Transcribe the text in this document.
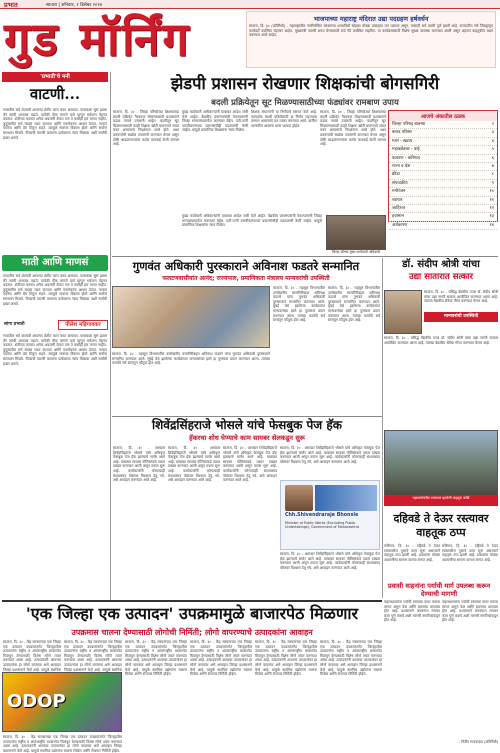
प्रभात	सातारा | शनिवार, १ डिसेंबर २०२४
गुड मॉर्निंग	भाजपाच्या महाराष्ट्र मंदिरात उद्या पदग्रहण हर्षवर्धन
सातारा, दि. ३० (प्रतिनिधी) - महाराष्ट्रातील नवनिर्वाचित सरकारचा शपथविधी सोहळा मोठ्या उत्साहात पार पडणार असून, यासाठी सर्व तयारी पूर्ण झाली आहे. राज्यातील सर्व जिल्ह्यांतून कार्यकर्ते उपस्थित राहणार आहेत. मुख्यमंत्री पदाची शपथ घेण्यासाठी सर्व नेते उपस्थित राहतील. या कार्यक्रमासाठी विशेष सुरक्षा व्यवस्था करण्यात आली असून शहरात वाहतुकीत बदल करण्यात आले आहेत.
'प्रभाती'चे मनी
वाटणी...
गावातील सर्व शेतकरी आपल्या शेतीत काम करत असतात. पावसाळा सुरू झाला की त्यांची धावपळ वाढते. यावेळी पीक चांगले यावे म्हणून सर्वजण मेहनत करतात. शेतीच्या कामात अनेक अडचणी येतात पण ते कधीही हार मानत नाहीत. कुटुंबातील सर्व सदस्य मदत करतात आणि एकमेकांना आधार देतात. गावात एकोपा आणि प्रेम टिकून राहते. त्यामुळे गावाचा विकास होतो आणि सर्वांना समाधान मिळते. पिकाची वाटणी करताना प्रत्येकाला न्याय मिळावा अशी सर्वांची इच्छा असते.
माती आणि माणसं
गावातील सर्व शेतकरी आपल्या शेतीत काम करत असतात. पावसाळा सुरू झाला की त्यांची धावपळ वाढते. यावेळी पीक चांगले यावे म्हणून सर्वजण मेहनत करतात. शेतीच्या कामात अनेक अडचणी येतात पण ते कधीही हार मानत नाहीत. कुटुंबातील सर्व सदस्य मदत करतात आणि एकमेकांना आधार देतात. गावात एकोपा आणि प्रेम टिकून राहते. त्यामुळे गावाचा विकास होतो आणि सर्वांना समाधान मिळते. पिकाची वाटणी करताना प्रत्येकाला न्याय मिळावा अशी सर्वांची इच्छा असते.
सांगा प्रभाती	नीलेश महिगावकर
गावातील सर्व शेतकरी आपल्या शेतीत काम करत असतात. पावसाळा सुरू झाला की त्यांची धावपळ वाढते. यावेळी पीक चांगले यावे म्हणून सर्वजण मेहनत करतात. शेतीच्या कामात अनेक अडचणी येतात पण ते कधीही हार मानत नाहीत. कुटुंबातील सर्व सदस्य मदत करतात आणि एकमेकांना आधार देतात. गावात एकोपा आणि प्रेम टिकून राहते. त्यामुळे गावाचा विकास होतो आणि सर्वांना समाधान मिळते. पिकाची वाटणी करताना प्रत्येकाला न्याय मिळावा अशी सर्वांची इच्छा असते.
झेडपी प्रशासन रोखणार शिक्षकांची बोगसगिरी
बदली प्रक्रियेतून सूट मिळण्यासाठीच्या फंड्यांवर रामबाण उपाय
सातारा, दि. ३० - जिल्हा परिषदेच्या शिक्षकांच्या बदली प्रक्रियेत गैरप्रकार रोखण्यासाठी प्रशासनाने कडक पावले उचलली आहेत. बदलीतून सूट मिळवण्यासाठी काही शिक्षक खोटी प्रमाणपत्रे सादर करत असल्याचे निदर्शनास आले होते. अशा प्रकरणांची सखोल तपासणी करण्यात येणार असून दोषी आढळणाऱ्यांवर कठोर कारवाई केली जाणार आहे.
मुख्य कार्यकारी अधिकाऱ्यांनी याबाबत आदेश जारी केले आहेत. वैद्यकीय प्रमाणपत्रांची फेरतपासणी जिल्हा रुग्णालयामार्फत करण्यात येईल. पती-पत्नी एकत्रीकरणाच्या प्रकरणांचीही पडताळणी केली जाईल. यामुळे प्रामाणिक शिक्षकांना न्याय मिळेल.
शिक्षक संघटनांनी या निर्णयाचे स्वागत केले आहे. पारदर्शक बदली प्रक्रियेसाठी हा निर्णय महत्त्वाचा ठरणार असल्याचे मत व्यक्त करण्यात आले. ग्रामीण भागातील शाळांना याचा फायदा होईल.
सातारा, दि. ३० - जिल्हा परिषदेच्या शिक्षकांच्या बदली प्रक्रियेत गैरप्रकार रोखण्यासाठी प्रशासनाने कडक पावले उचलली आहेत. बदलीतून सूट मिळवण्यासाठी काही शिक्षक खोटी प्रमाणपत्रे सादर करत असल्याचे निदर्शनास आले होते. अशा प्रकरणांची सखोल तपासणी करण्यात येणार असून दोषी आढळणाऱ्यांवर कठोर कारवाई केली जाणार आहे.
मुख्य कार्यकारी अधिकाऱ्यांनी याबाबत आदेश जारी केले आहेत. वैद्यकीय प्रमाणपत्रांची फेरतपासणी जिल्हा रुग्णालयामार्फत करण्यात येईल. पती-पत्नी एकत्रीकरणाच्या प्रकरणांचीही पडताळणी केली जाईल. यामुळे प्रामाणिक शिक्षकांना न्याय मिळेल.
जिल्हा परिषद मुख्य कार्यकारी अधिकारी
आजचे अंकातील ठळक
जिल्हा परिषद बातम्या	२
कराड परिसर	३
माण - खटाव	४
महाबळेश्वर - वाई	५
फलटण - कोरेगाव	६
राज्य व देश	७
क्रीडा	८
संपादकीय	९
मनोरंजन	१०
व्यापार	११
जाहिरात	१२
हवामान	१३
अर्थकारण	१४
गुणवंत अधिकारी पुरस्काराने अविनाश फडतरे सन्मानित
फलटणवासीयांत आनंद; राज्यपाल, प्रमाणिकता मंत्रालय मान्यवरांची उपस्थिती
सातारा, दि. ३० - महसूल विभागातील उल्लेखनीय कामगिरीबद्दल अविनाश फडतरे यांना गुणवंत अधिकारी पुरस्काराने सन्मानित करण्यात आले. मुंबई येथे झालेल्या कार्यक्रमात मान्यवरांच्या हस्ते हा पुरस्कार प्रदान करण्यात आला. त्यांच्या कार्याचे सर्व स्तरांतून कौतुक होत आहे.
सातारा, दि. ३० - महसूल विभागातील उल्लेखनीय कामगिरीबद्दल अविनाश फडतरे यांना गुणवंत अधिकारी पुरस्काराने सन्मानित करण्यात आले. मुंबई येथे झालेल्या कार्यक्रमात मान्यवरांच्या हस्ते हा पुरस्कार प्रदान करण्यात आला. त्यांच्या कार्याचे सर्व स्तरांतून कौतुक होत आहे.
सातारा, दि. ३० - महसूल विभागातील उल्लेखनीय कामगिरीबद्दल अविनाश फडतरे यांना गुणवंत अधिकारी पुरस्काराने सन्मानित करण्यात आले. मुंबई येथे झालेल्या कार्यक्रमात मान्यवरांच्या हस्ते हा पुरस्कार प्रदान करण्यात आला. त्यांच्या कार्याचे सर्व स्तरांतून कौतुक होत आहे.
डॉ. संदीप श्रोत्री यांचा
उद्या सातारात सत्कार
मान्यवरांची उपस्थिती
सातारा, दि. ३० - प्रसिद्ध वैद्यकीय तज्ज्ञ डॉ. संदीप श्रोत्री यांचा उद्या नागरी सत्कार आयोजित करण्यात आला आहे. त्यांच्या वैद्यकीय सेवेचा गौरव करण्यात येणार आहे.
सातारा, दि. ३० - प्रसिद्ध वैद्यकीय तज्ज्ञ डॉ. संदीप श्रोत्री यांचा उद्या नागरी सत्कार आयोजित करण्यात आला आहे. त्यांच्या वैद्यकीय सेवेचा गौरव करण्यात येणार आहे.
शिवेंद्रसिंहराजे भोसले यांचे फेसबुक पेज हॅक
हॅकरचा शोध घेण्याचे काम सायबर सेलकडून सुरू
सातारा, दि. ३० - आमदार शिवेंद्रसिंहराजे भोसले यांचे अधिकृत फेसबुक पेज हॅक झाल्याचे समोर आले आहे. याबाबत सायबर पोलिसांकडे तक्रार दाखल करण्यात आली असून तपास सुरू आहे. कार्यकर्त्यांनी कोणत्याही संशयास्पद पोस्टवर विश्वास ठेवू नये, असे आवाहन करण्यात आले आहे.
सातारा, दि. ३० - आमदार शिवेंद्रसिंहराजे भोसले यांचे अधिकृत फेसबुक पेज हॅक झाल्याचे समोर आले आहे. याबाबत सायबर पोलिसांकडे तक्रार दाखल करण्यात आली असून तपास सुरू आहे. कार्यकर्त्यांनी कोणत्याही संशयास्पद पोस्टवर विश्वास ठेवू नये, असे आवाहन करण्यात आले आहे.
सातारा, दि. ३० - आमदार शिवेंद्रसिंहराजे भोसले यांचे अधिकृत फेसबुक पेज हॅक झाल्याचे समोर आले आहे. याबाबत सायबर पोलिसांकडे तक्रार दाखल करण्यात आली असून तपास सुरू आहे. कार्यकर्त्यांनी कोणत्याही संशयास्पद पोस्टवर विश्वास ठेवू नये, असे आवाहन करण्यात आले आहे.
सातारा, दि. ३० - आमदार शिवेंद्रसिंहराजे भोसले यांचे अधिकृत फेसबुक पेज हॅक झाल्याचे समोर आले आहे. याबाबत सायबर पोलिसांकडे तक्रार दाखल करण्यात आली असून तपास सुरू आहे. कार्यकर्त्यांनी कोणत्याही संशयास्पद पोस्टवर विश्वास ठेवू नये, असे आवाहन करण्यात आले आहे.
Chh.Shivendrarajе Bhonsle
Minister of Public Works (Excluding Public Undertakings), Government of Maharashtra
सातारा, दि. ३० - आमदार शिवेंद्रसिंहराजे भोसले यांचे अधिकृत फेसबुक पेज हॅक झाल्याचे समोर आले आहे. याबाबत सायबर पोलिसांकडे तक्रार दाखल करण्यात आली असून तपास सुरू आहे. कार्यकर्त्यांनी कोणत्याही संशयास्पद पोस्टवर विश्वास ठेवू नये, असे आवाहन करण्यात आले आहे.
महामार्गावरील रस्त्यावर झालेली वाहतूक कोंडी
दहिवडे ते देऊर रस्त्यावर वाहतूक ठप्प
कोरेगाव, दि. ३० - दहिवडे ते देऊर रस्त्यावरील पुलाचे काम सुरू असल्याने वाहतूक ठप्प झाली आहे. प्रवाशांना मोठ्या अडचणींचा सामना करावा लागत आहे.
कोरेगाव, दि. ३० - दहिवडे ते देऊर रस्त्यावरील पुलाचे काम सुरू असल्याने वाहतूक ठप्प झाली आहे. प्रवाशांना मोठ्या अडचणींचा सामना करावा लागत आहे.
प्रवासी वाहनांना पर्यायी मार्ग उपलब्ध करून देण्याची मागणी
वाहनधारकांना पर्यायी रस्त्याचा वापर करावा लागत असून वेळ आणि इंधनाचा अपव्यय होत आहे. प्रशासनाने लवकरात लवकर काम पूर्ण करावे अशी मागणी नागरिकांकडून होत आहे.
वाहनधारकांना पर्यायी रस्त्याचा वापर करावा लागत असून वेळ आणि इंधनाचा अपव्यय होत आहे. प्रशासनाने लवकरात लवकर काम पूर्ण करावे अशी मागणी नागरिकांकडून होत आहे.
'एक जिल्हा एक उत्पादन' उपक्रमामुळे बाजारपेठ मिळणार
उपक्रमास चालना देण्यासाठी लोगोची निर्मिती; लोगो वापरण्याचे उत्पादकांना आवाहन
सातारा, दि. ३० - केंद्र सरकारच्या एक जिल्हा एक उत्पादन उपक्रमांतर्गत जिल्ह्यातील उत्पादनांना राष्ट्रीय व आंतरराष्ट्रीय बाजारपेठ मिळवून देण्यासाठी विशेष लोगो तयार करण्यात आला आहे. उत्पादकांनी आपल्या उत्पादनांवर हा लोगो वापरावा असे आवाहन जिल्हा प्रशासनाने केले आहे. यामुळे स्थानिक
सातारा, दि. ३० - केंद्र सरकारच्या एक जिल्हा एक उत्पादन उपक्रमांतर्गत जिल्ह्यातील उत्पादनांना राष्ट्रीय व आंतरराष्ट्रीय बाजारपेठ मिळवून देण्यासाठी विशेष लोगो तयार करण्यात आला आहे. उत्पादकांनी आपल्या उत्पादनांवर हा लोगो वापरावा असे आवाहन जिल्हा प्रशासनाने केले आहे. यामुळे स्थानिक
ODOP
सातारा, दि. ३० - केंद्र सरकारच्या एक जिल्हा एक उत्पादन उपक्रमांतर्गत जिल्ह्यातील उत्पादनांना राष्ट्रीय व आंतरराष्ट्रीय बाजारपेठ मिळवून देण्यासाठी विशेष लोगो तयार करण्यात आला आहे. उत्पादकांनी आपल्या उत्पादनांवर हा लोगो वापरावा असे आवाहन जिल्हा प्रशासनाने केले आहे. यामुळे स्थानिक उद्योगांना चालना मिळेल आणि रोजगार निर्मिती होईल.
सातारा, दि. ३० - केंद्र सरकारच्या एक जिल्हा एक उत्पादन उपक्रमांतर्गत जिल्ह्यातील उत्पादनांना राष्ट्रीय व आंतरराष्ट्रीय बाजारपेठ मिळवून देण्यासाठी विशेष लोगो तयार करण्यात आला आहे. उत्पादकांनी आपल्या उत्पादनांवर हा लोगो वापरावा असे आवाहन जिल्हा प्रशासनाने केले आहे. यामुळे स्थानिक उद्योगांना चालना मिळेल आणि रोजगार निर्मिती होईल.
सातारा, दि. ३० - केंद्र सरकारच्या एक जिल्हा एक उत्पादन उपक्रमांतर्गत जिल्ह्यातील उत्पादनांना राष्ट्रीय व आंतरराष्ट्रीय बाजारपेठ मिळवून देण्यासाठी विशेष लोगो तयार करण्यात आला आहे. उत्पादकांनी आपल्या उत्पादनांवर हा लोगो वापरावा असे आवाहन जिल्हा प्रशासनाने केले आहे. यामुळे स्थानिक उद्योगांना चालना मिळेल आणि रोजगार निर्मिती होईल.
सातारा, दि. ३० - केंद्र सरकारच्या एक जिल्हा एक उत्पादन उपक्रमांतर्गत जिल्ह्यातील उत्पादनांना राष्ट्रीय व आंतरराष्ट्रीय बाजारपेठ मिळवून देण्यासाठी विशेष लोगो तयार करण्यात आला आहे. उत्पादकांनी आपल्या उत्पादनांवर हा लोगो वापरावा असे आवाहन जिल्हा प्रशासनाने केले आहे. यामुळे स्थानिक उद्योगांना चालना मिळेल आणि रोजगार निर्मिती होईल.
सातारा, दि. ३० - केंद्र सरकारच्या एक जिल्हा एक उत्पादन उपक्रमांतर्गत जिल्ह्यातील उत्पादनांना राष्ट्रीय व आंतरराष्ट्रीय बाजारपेठ मिळवून देण्यासाठी विशेष लोगो तयार करण्यात आला आहे. उत्पादकांनी आपल्या उत्पादनांवर हा लोगो वापरावा असे आवाहन जिल्हा प्रशासनाने केले आहे. यामुळे स्थानिक उद्योगांना चालना मिळेल आणि रोजगार निर्मिती होईल.
- नितीन गायकवाड (प्रतिनिधी)
